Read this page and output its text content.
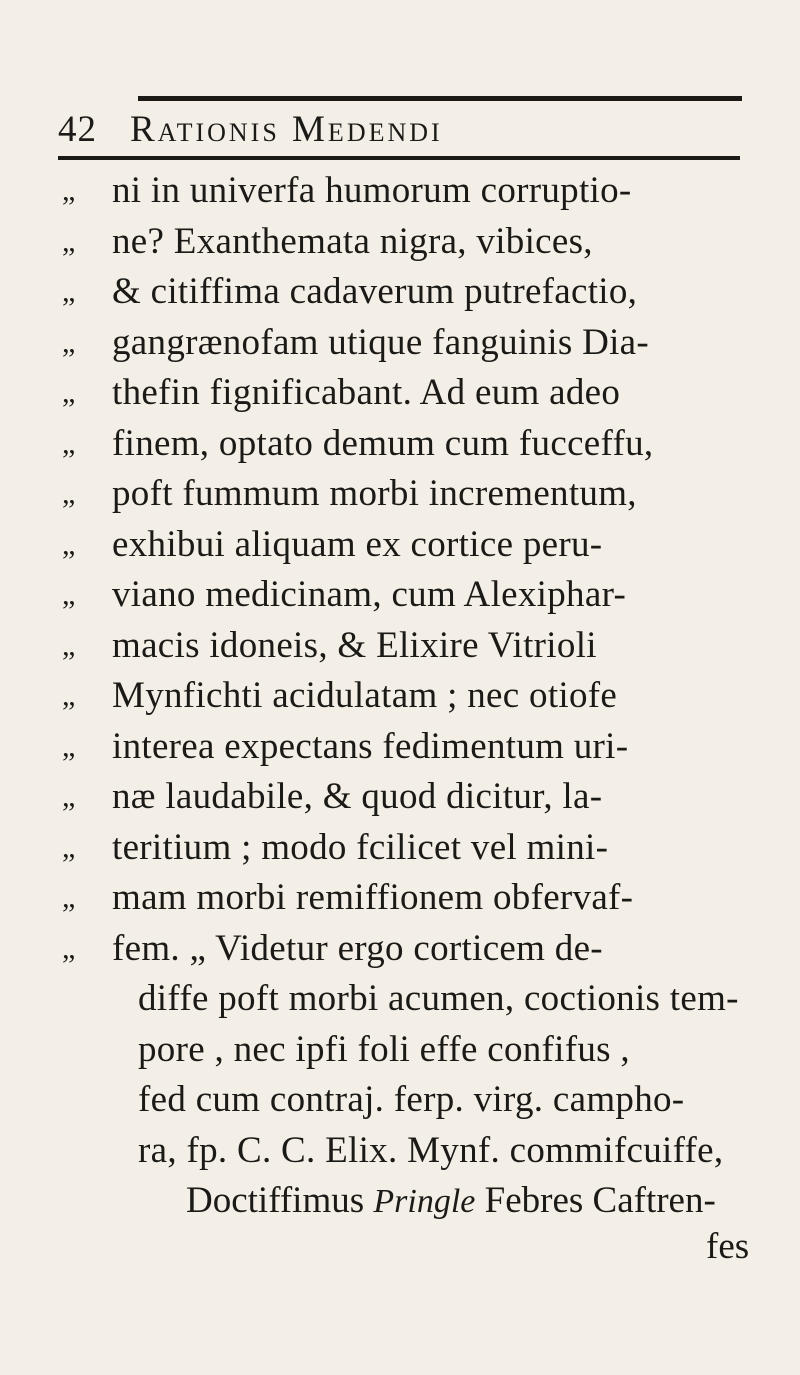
42 Rationis Medendi
„ ni in univerfa humorum corruptio-
„ ne? Exanthemata nigra, vibices,
„ & citiffima cadaverum putrefactio,
„ gangrænofam utique fanguinis Dia-
„ thefin fignificabant. Ad eum adeo
„ finem, optato demum cum fucceffu,
„ poft fummum morbi incrementum,
„ exhibui aliquam ex cortice peru-
„ viano medicinam, cum Alexiphar-
„ macis idoneis, & Elixire Vitrioli
„ Mynfichti acidulatam ; nec otiofe
„ interea expectans fedimentum uri-
„ næ laudabile, & quod dicitur, la-
„ teritium ; modo fcilicet vel mini-
„ mam morbi remiffionem obfervaf-
„ fem. „ Videtur ergo corticem de-
diffe poft morbi acumen, coctionis tem-
pore , nec ipfi foli effe confifus ,
fed cum contraj. ferp. virg. campho-
ra, fp. C. C. Elix. Mynf. commifcuiffe,
Doctiffimus Pringle Febres Caftren-
fes
